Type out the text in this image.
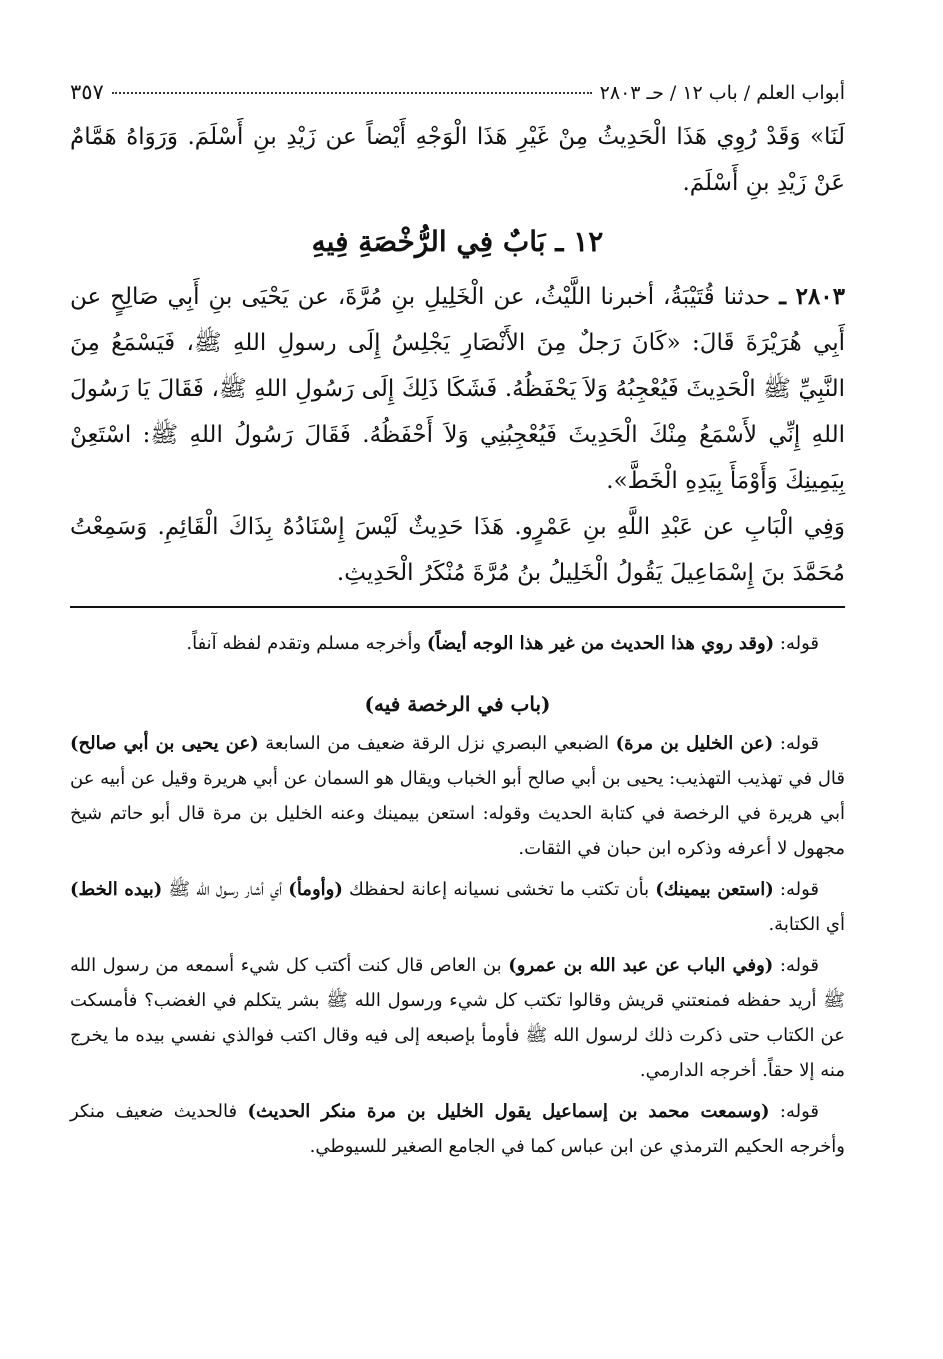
أبواب العلم / باب ١٢ / حـ ٢٨٠٣
٣٥٧

لَنَا» وَقَدْ رُوِي هَذَا الْحَدِيثُ مِنْ غَيْرِ هَذَا الْوَجْهِ أَيْضاً عن زَيْدِ بنِ أَسْلَمَ. وَرَوَاهُ هَمَّامٌ عَنْ زَيْدِ بنِ أَسْلَمَ.

١٢ ـ بَابٌ فِي الرُّخْصَةِ فِيهِ

٢٨٠٣ ـ حدثنا قُتَيْبَةُ، أخبرنا اللَّيْثُ، عن الْخَلِيلِ بنِ مُرَّةَ، عن يَحْيَى بنِ أَبِي صَالِحٍ عن أَبِي هُرَيْرَةَ قَالَ: «كَانَ رَجلٌ مِنَ الأَنْصَارِ يَجْلِسُ إِلَى رسولِ اللهِ ﷺ، فَيَسْمَعُ مِنَ النَّبِيِّ ﷺ الْحَدِيثَ فَيُعْجِبُهُ وَلاَ يَحْفَظُهُ. فَشَكَا ذَلِكَ إِلَى رَسُولِ اللهِ ﷺ، فَقَالَ يَا رَسُولَ اللهِ إِنِّي لأَسْمَعُ مِنْكَ الْحَدِيثَ فَيُعْجِبُنِي وَلاَ أَحْفَظُهُ. فَقَالَ رَسُولُ اللهِ ﷺ: اسْتَعِنْ بِيَمِينِكَ وَأَوْمَأَ بِيَدِهِ الْخَطَّ».

وَفِي الْبَابِ عن عَبْدِ اللَّهِ بنِ عَمْرٍو. هَذَا حَدِيثٌ لَيْسَ إِسْنَادُهُ بِذَاكَ الْقَائِمِ. وَسَمِعْتُ مُحَمَّدَ بنَ إِسْمَاعِيلَ يَقُولُ الْخَلِيلُ بنُ مُرَّةَ مُنْكَرُ الْحَدِيثِ.

قوله: (وقد روي هذا الحديث من غير هذا الوجه أيضاً) وأخرجه مسلم وتقدم لفظه آنفاً.

(باب في الرخصة فيه)

قوله: (عن الخليل بن مرة) الضبعي البصري نزل الرقة ضعيف من السابعة (عن يحيى بن أبي صالح) قال في تهذيب التهذيب: يحيى بن أبي صالح أبو الخباب ويقال هو السمان عن أبي هريرة وقيل عن أبيه عن أبي هريرة في الرخصة في كتابة الحديث وقوله: استعن بيمينك وعنه الخليل بن مرة قال أبو حاتم شيخ مجهول لا أعرفه وذكره ابن حبان في الثقات.

قوله: (استعن بيمينك) بأن تكتب ما تخشى نسيانه إعانة لحفظك (وأومأ) أي أشار رسول الله ﷺ (بيده الخط) أي الكتابة.

قوله: (وفي الباب عن عبد الله بن عمرو) بن العاص قال كنت أكتب كل شيء أسمعه من رسول الله ﷺ أريد حفظه فمنعتني قريش وقالوا تكتب كل شيء ورسول الله ﷺ بشر يتكلم في الغضب؟ فأمسكت عن الكتاب حتى ذكرت ذلك لرسول الله ﷺ فأومأ بإصبعه إلى فيه وقال اكتب فوالذي نفسي بيده ما يخرج منه إلا حقاً. أخرجه الدارمي.

قوله: (وسمعت محمد بن إسماعيل يقول الخليل بن مرة منكر الحديث) فالحديث ضعيف منكر وأخرجه الحكيم الترمذي عن ابن عباس كما في الجامع الصغير للسيوطي.
